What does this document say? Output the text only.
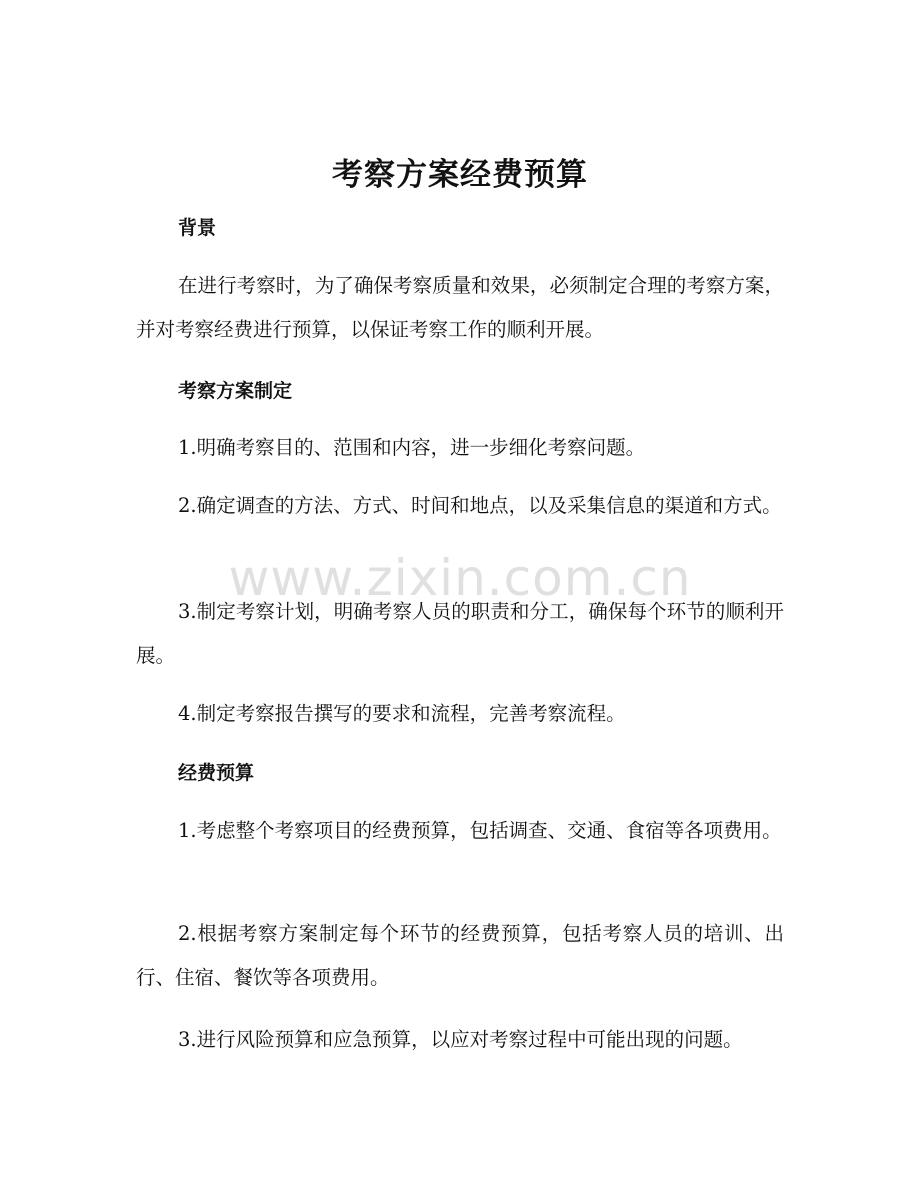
考察方案经费预算
背景
在进行考察时，为了确保考察质量和效果，必须制定合理的考察方案，并对考察经费进行预算，以保证考察工作的顺利开展。
考察方案制定
1.明确考察目的、范围和内容，进一步细化考察问题。
2.确定调查的方法、方式、时间和地点，以及采集信息的渠道和方式。
3.制定考察计划，明确考察人员的职责和分工，确保每个环节的顺利开展。
4.制定考察报告撰写的要求和流程，完善考察流程。
经费预算
1.考虑整个考察项目的经费预算，包括调查、交通、食宿等各项费用。
2.根据考察方案制定每个环节的经费预算，包括考察人员的培训、出行、住宿、餐饮等各项费用。
3.进行风险预算和应急预算，以应对考察过程中可能出现的问题。
www.zixin.com.cn
